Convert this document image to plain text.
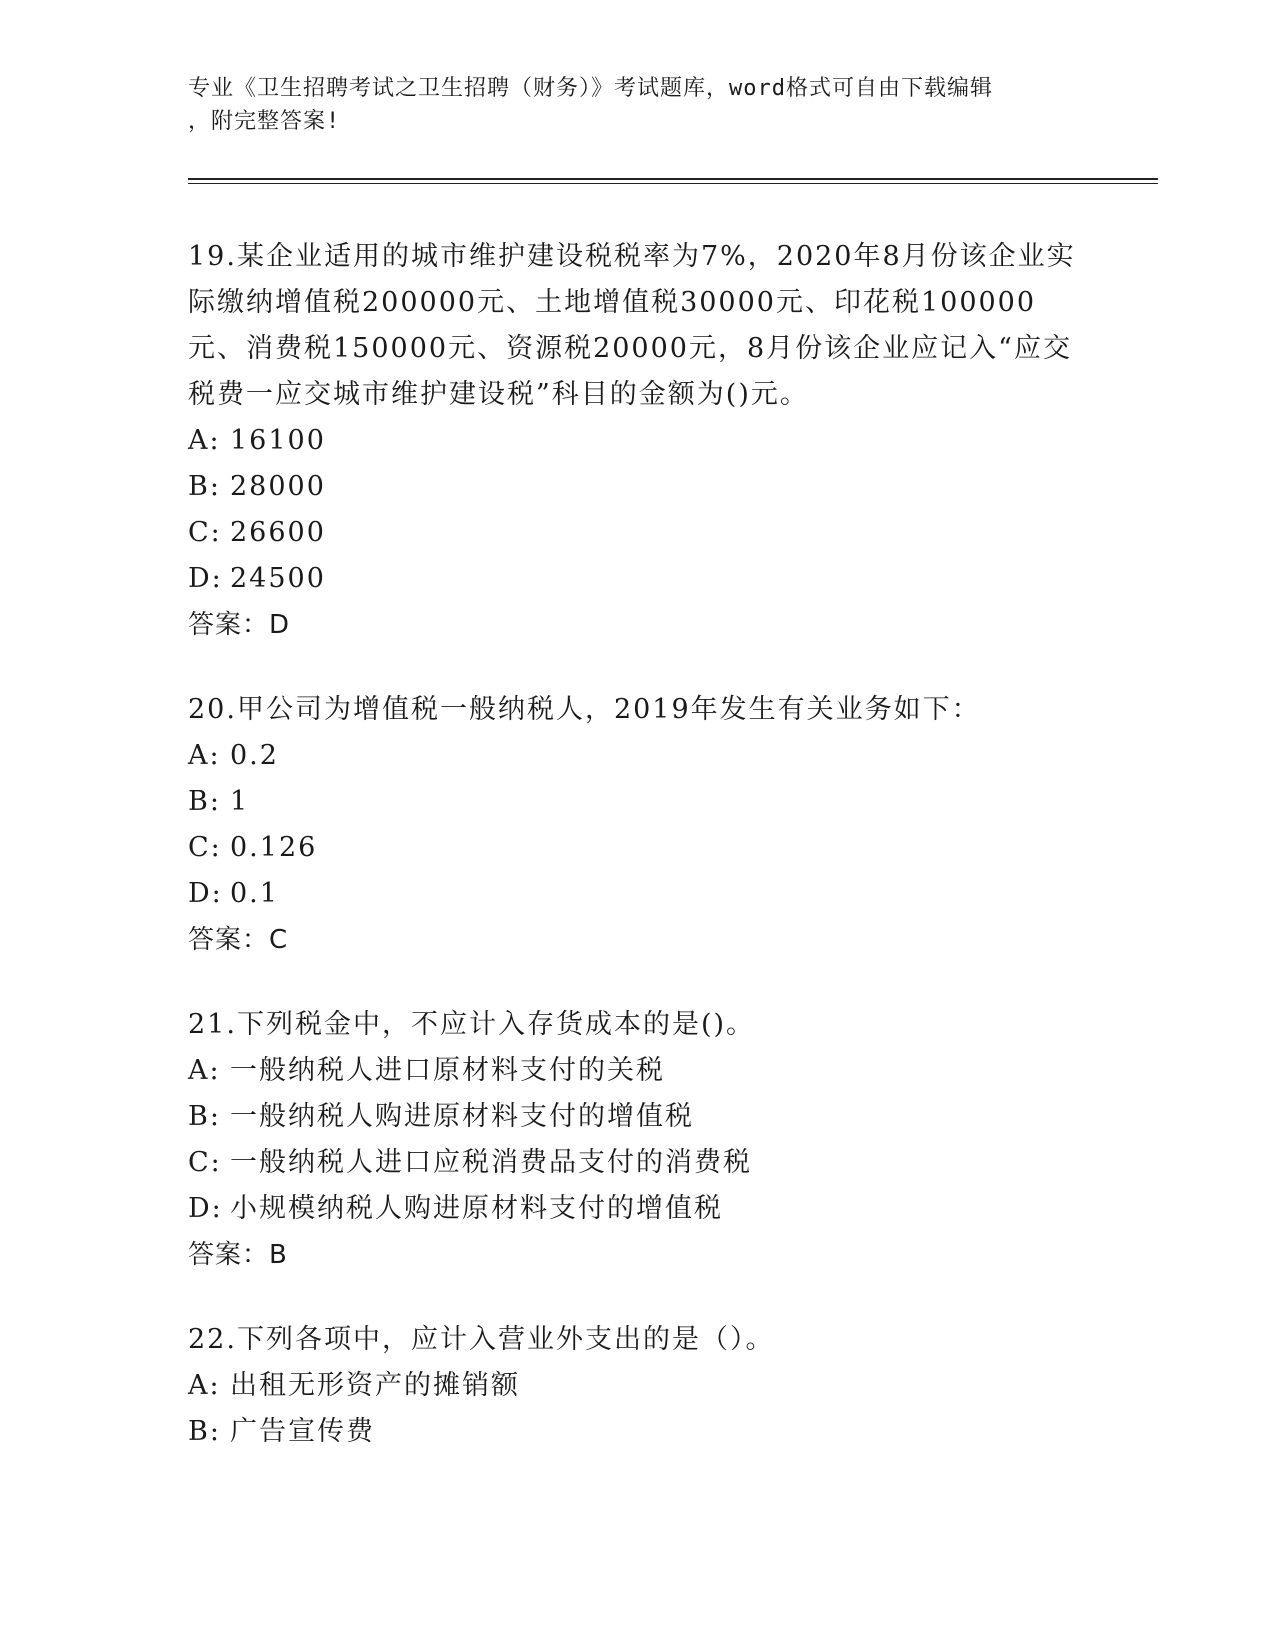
专业《卫生招聘考试之卫生招聘（财务）》考试题库，word格式可自由下载编辑
，附完整答案!

19.某企业适用的城市维护建设税税率为7%，2020年8月份该企业实际缴纳增值税200000元、土地增值税30000元、印花税100000元、消费税150000元、资源税20000元，8月份该企业应记入“应交税费一应交城市维护建设税”科目的金额为()元。

A: 16100

B: 28000

C: 26600

D: 24500

答案：D

20.甲公司为增值税一般纳税人，2019年发生有关业务如下：

A: 0.2

B: 1

C: 0.126

D: 0.1

答案：C

21.下列税金中，不应计入存货成本的是()。

A: 一般纳税人进口原材料支付的关税

B: 一般纳税人购进原材料支付的增值税

C: 一般纳税人进口应税消费品支付的消费税

D: 小规模纳税人购进原材料支付的增值税

答案：B

22.下列各项中，应计入营业外支出的是（）。

A: 出租无形资产的摊销额

B: 广告宣传费
